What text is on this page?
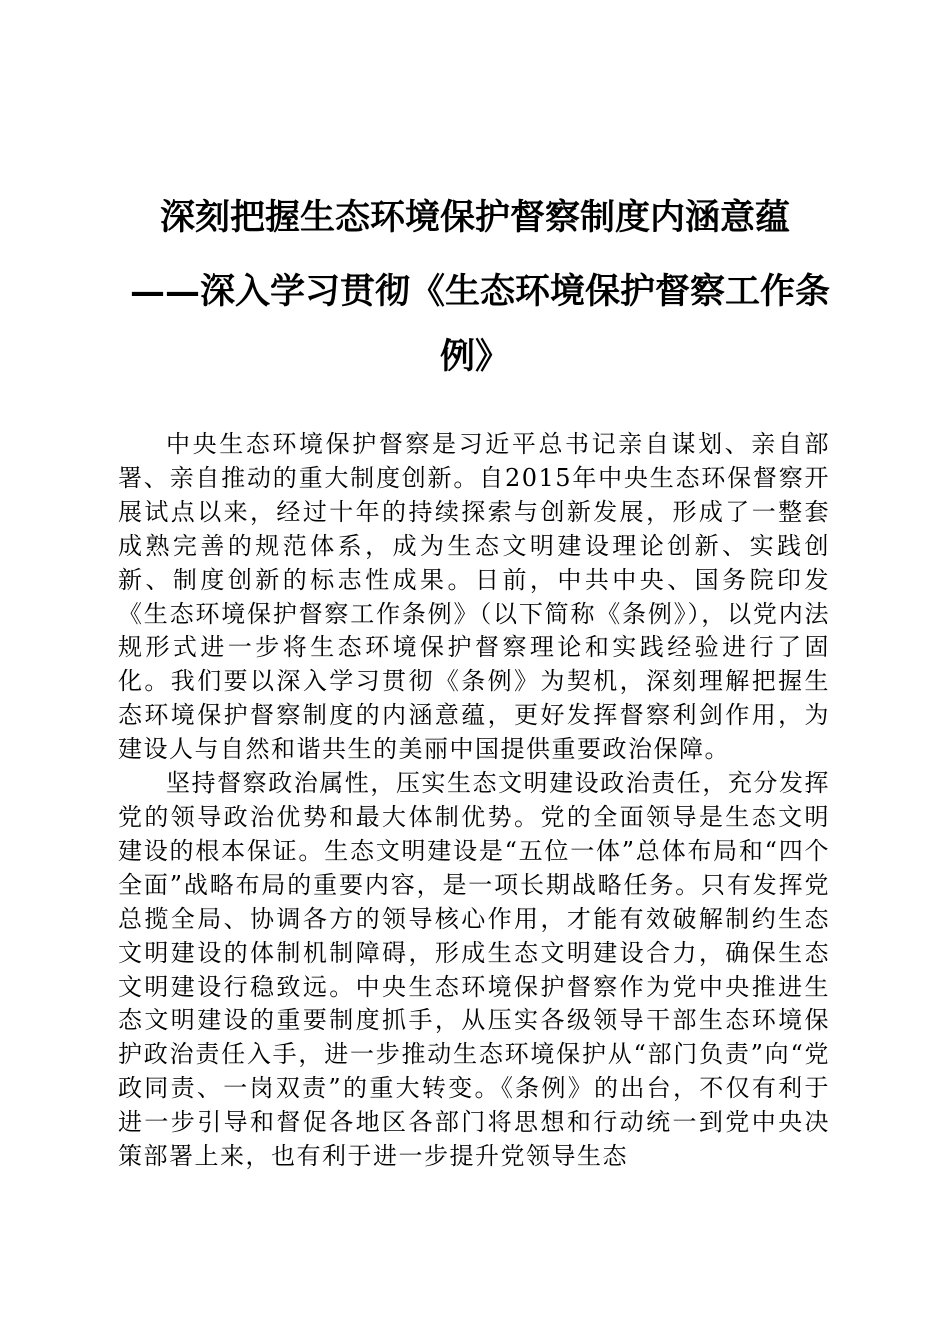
深刻把握生态环境保护督察制度内涵意蕴
——深入学习贯彻《生态环境保护督察工作条
例》

中央生态环境保护督察是习近平总书记亲自谋划、亲自部署、亲自推动的重大制度创新。自2015年中央生态环保督察开展试点以来，经过十年的持续探索与创新发展，形成了一整套成熟完善的规范体系，成为生态文明建设理论创新、实践创新、制度创新的标志性成果。日前，中共中央、国务院印发《生态环境保护督察工作条例》（以下简称《条例》），以党内法规形式进一步将生态环境保护督察理论和实践经验进行了固化。我们要以深入学习贯彻《条例》为契机，深刻理解把握生态环境保护督察制度的内涵意蕴，更好发挥督察利剑作用，为建设人与自然和谐共生的美丽中国提供重要政治保障。

坚持督察政治属性，压实生态文明建设政治责任，充分发挥党的领导政治优势和最大体制优势。党的全面领导是生态文明建设的根本保证。生态文明建设是“五位一体”总体布局和“四个全面”战略布局的重要内容，是一项长期战略任务。只有发挥党总揽全局、协调各方的领导核心作用，才能有效破解制约生态文明建设的体制机制障碍，形成生态文明建设合力，确保生态文明建设行稳致远。中央生态环境保护督察作为党中央推进生态文明建设的重要制度抓手，从压实各级领导干部生态环境保护政治责任入手，进一步推动生态环境保护从“部门负责”向“党政同责、一岗双责”的重大转变。《条例》的出台，不仅有利于进一步引导和督促各地区各部门将思想和行动统一到党中央决策部署上来，也有利于进一步提升党领导生态
